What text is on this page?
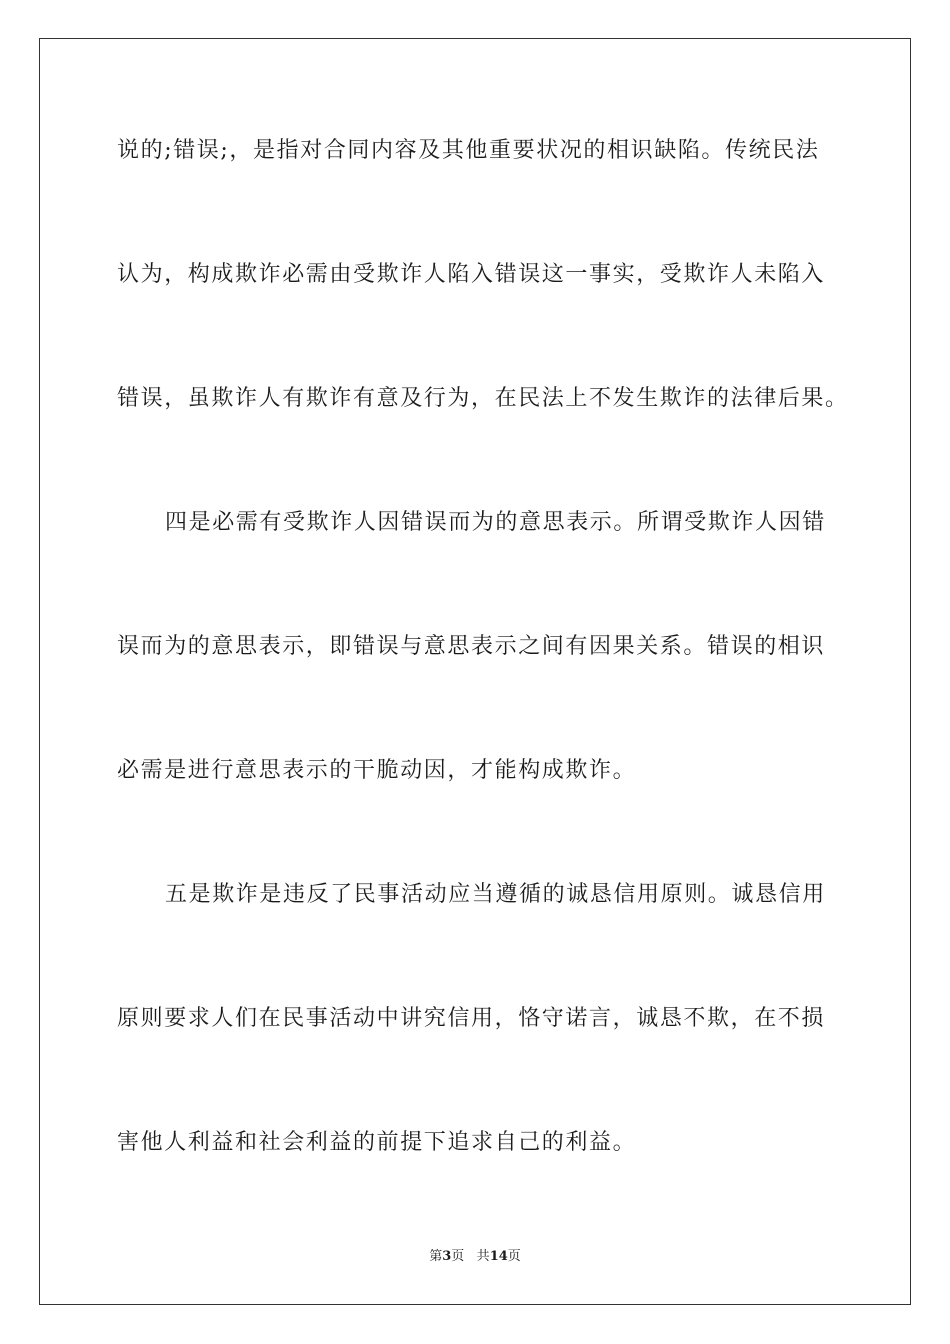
说的;错误;，是指对合同内容及其他重要状况的相识缺陷。传统民法
认为，构成欺诈必需由受欺诈人陷入错误这一事实，受欺诈人未陷入
错误，虽欺诈人有欺诈有意及行为，在民法上不发生欺诈的法律后果。
四是必需有受欺诈人因错误而为的意思表示。所谓受欺诈人因错
误而为的意思表示，即错误与意思表示之间有因果关系。错误的相识
必需是进行意思表示的干脆动因，才能构成欺诈。
五是欺诈是违反了民事活动应当遵循的诚恳信用原则。诚恳信用
原则要求人们在民事活动中讲究信用，恪守诺言，诚恳不欺，在不损
害他人利益和社会利益的前提下追求自己的利益。
第3页 共14页
